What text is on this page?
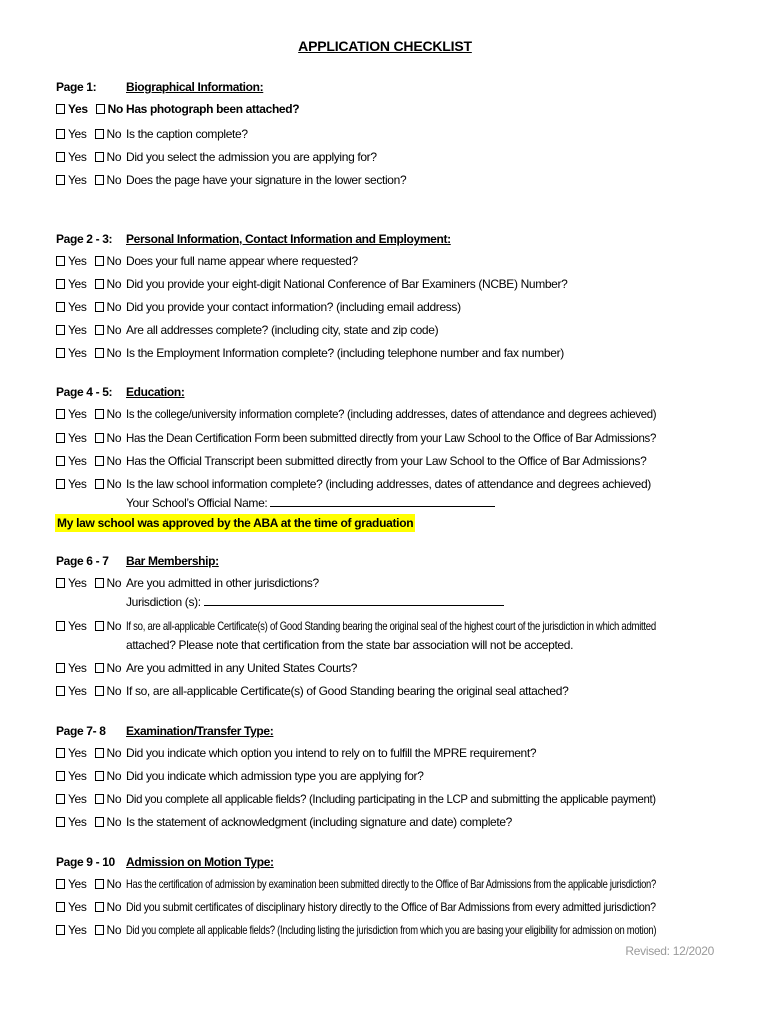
APPLICATION CHECKLIST
Page 1: Biographical Information:
Yes No Has photograph been attached?
Yes No Is the caption complete?
Yes No Did you select the admission you are applying for?
Yes No Does the page have your signature in the lower section?
Page 2 - 3: Personal Information, Contact Information and Employment:
Yes No Does your full name appear where requested?
Yes No Did you provide your eight-digit National Conference of Bar Examiners (NCBE) Number?
Yes No Did you provide your contact information? (including email address)
Yes No Are all addresses complete? (including city, state and zip code)
Yes No Is the Employment Information complete? (including telephone number and fax number)
Page 4 - 5: Education:
Yes No Is the college/university information complete? (including addresses, dates of attendance and degrees achieved)
Yes No Has the Dean Certification Form been submitted directly from your Law School to the Office of Bar Admissions?
Yes No Has the Official Transcript been submitted directly from your Law School to the Office of Bar Admissions?
Yes No Is the law school information complete? (including addresses, dates of attendance and degrees achieved)
Your School’s Official Name:
My law school was approved by the ABA at the time of graduation
Page 6 - 7 Bar Membership:
Yes No Are you admitted in other jurisdictions?
Jurisdiction (s):
Yes No If so, are all-applicable Certificate(s) of Good Standing bearing the original seal of the highest court of the jurisdiction in which admitted
attached? Please note that certification from the state bar association will not be accepted.
Yes No Are you admitted in any United States Courts?
Yes No If so, are all-applicable Certificate(s) of Good Standing bearing the original seal attached?
Page 7- 8 Examination/Transfer Type:
Yes No Did you indicate which option you intend to rely on to fulfill the MPRE requirement?
Yes No Did you indicate which admission type you are applying for?
Yes No Did you complete all applicable fields? (Including participating in the LCP and submitting the applicable payment)
Yes No Is the statement of acknowledgment (including signature and date) complete?
Page 9 - 10 Admission on Motion Type:
Yes No Has the certification of admission by examination been submitted directly to the Office of Bar Admissions from the applicable jurisdiction?
Yes No Did you submit certificates of disciplinary history directly to the Office of Bar Admissions from every admitted jurisdiction?
Yes No Did you complete all applicable fields? (Including listing the jurisdiction from which you are basing your eligibility for admission on motion)
Revised: 12/2020
